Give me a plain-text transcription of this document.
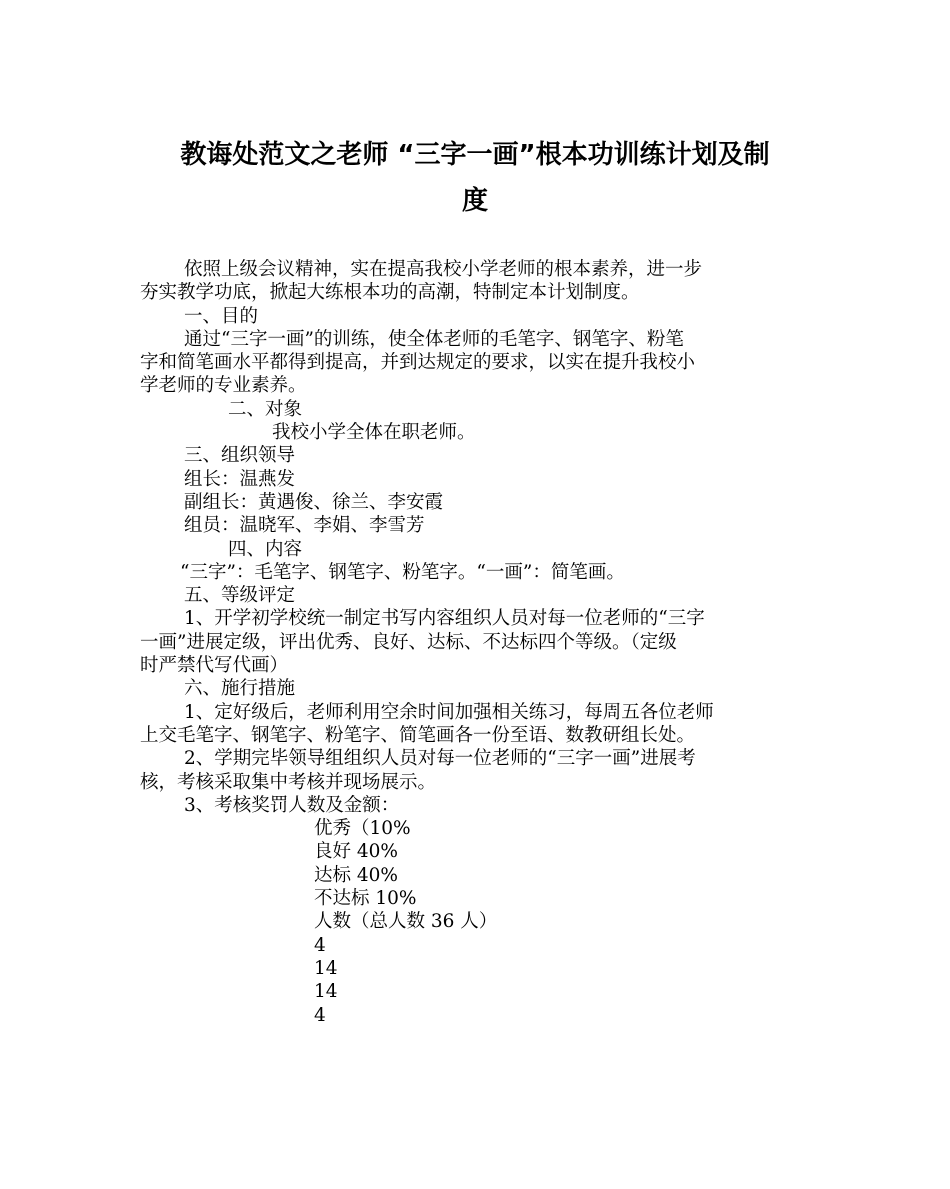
教诲处范文之老师 “三字一画”根本功训练计划及制
度
依照上级会议精神，实在提高我校小学老师的根本素养，进一步
夯实教学功底，掀起大练根本功的高潮，特制定本计划制度。
一、目的
通过“三字一画”的训练，使全体老师的毛笔字、钢笔字、粉笔
字和简笔画水平都得到提高，并到达规定的要求，以实在提升我校小
学老师的专业素养。
二、对象
我校小学全体在职老师。
三、组织领导
组长：温燕发
副组长：黄遇俊、徐兰、李安霞
组员：温晓军、李娟、李雪芳
四、内容
“三字”：毛笔字、钢笔字、粉笔字。“一画”：简笔画。
五、等级评定
1、开学初学校统一制定书写内容组织人员对每一位老师的“三字
一画”进展定级，评出优秀、良好、达标、不达标四个等级。（定级
时严禁代写代画）
六、施行措施
1、定好级后，老师利用空余时间加强相关练习，每周五各位老师
上交毛笔字、钢笔字、粉笔字、简笔画各一份至语、数教研组长处。
2、学期完毕领导组组织人员对每一位老师的“三字一画”进展考
核，考核采取集中考核并现场展示。
3、考核奖罚人数及金额：
优秀（10%
良好 40%
达标 40%
不达标 10%
人数（总人数 36 人）
4
14
14
4
